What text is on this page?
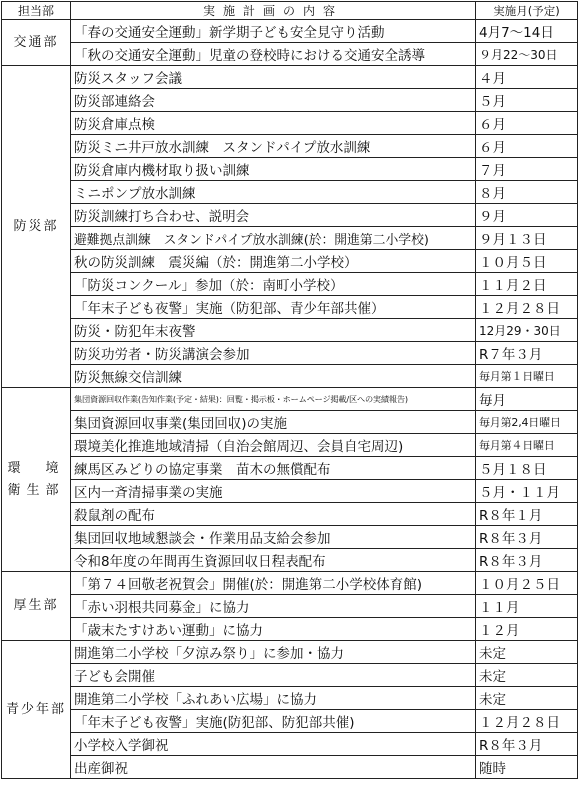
担当部	実施計画の内容	実施月(予定)

交通部	「春の交通安全運動」新学期子ども安全見守り活動	4月7〜14日
	「秋の交通安全運動」児童の登校時における交通安全誘導	９月22〜30日

防災部	防災スタッフ会議	４月
	防災部連絡会	５月
	防災倉庫点検	６月
	防災ミニ井戸放水訓練　スタンドパイプ放水訓練	６月
	防災倉庫内機材取り扱い訓練	７月
	ミニポンプ放水訓練	８月
	防災訓練打ち合わせ、説明会	９月
	避難拠点訓練　スタンドパイプ放水訓練(於：開進第二小学校)	９月１３日
	秋の防災訓練　震災編（於：開進第二小学校）	１０月５日
	「防災コンクール」参加（於：南町小学校）	１１月２日
	「年末子ども夜警」実施（防犯部、青少年部共催）	１２月２８日
	防災・防犯年末夜警	12月29・30日
	防災功労者・防災講演会参加	R７年３月
	防災無線交信訓練	毎月第１日曜日

環　境
衛生部	集団資源回収作業(告知作業(予定・結果)：回覧・掲示板・ホームページ掲載/区への実績報告)	毎月
	集団資源回収事業(集団回収)の実施	毎月第2,4日曜日
	環境美化推進地域清掃（自治会館周辺、会員自宅周辺)	毎月第４日曜日
	練馬区みどりの協定事業　苗木の無償配布	５月１８日
	区内一斉清掃事業の実施	５月・１１月
	殺鼠剤の配布	R８年１月
	集団回収地域懇談会・作業用品支給会参加	R８年３月
	令和8年度の年間再生資源回収日程表配布	R８年３月

厚生部	「第７４回敬老祝賀会」開催(於：開進第二小学校体育館)	１０月２５日
	「赤い羽根共同募金」に協力	１１月
	「歳末たすけあい運動」に協力	１２月

青少年部	開進第二小学校「夕涼み祭り」に参加・協力	未定
	子ども会開催	未定
	開進第二小学校「ふれあい広場」に協力	未定
	「年末子ども夜警」実施(防犯部、防犯部共催)	１２月２８日
	小学校入学御祝	R８年３月
	出産御祝	随時
